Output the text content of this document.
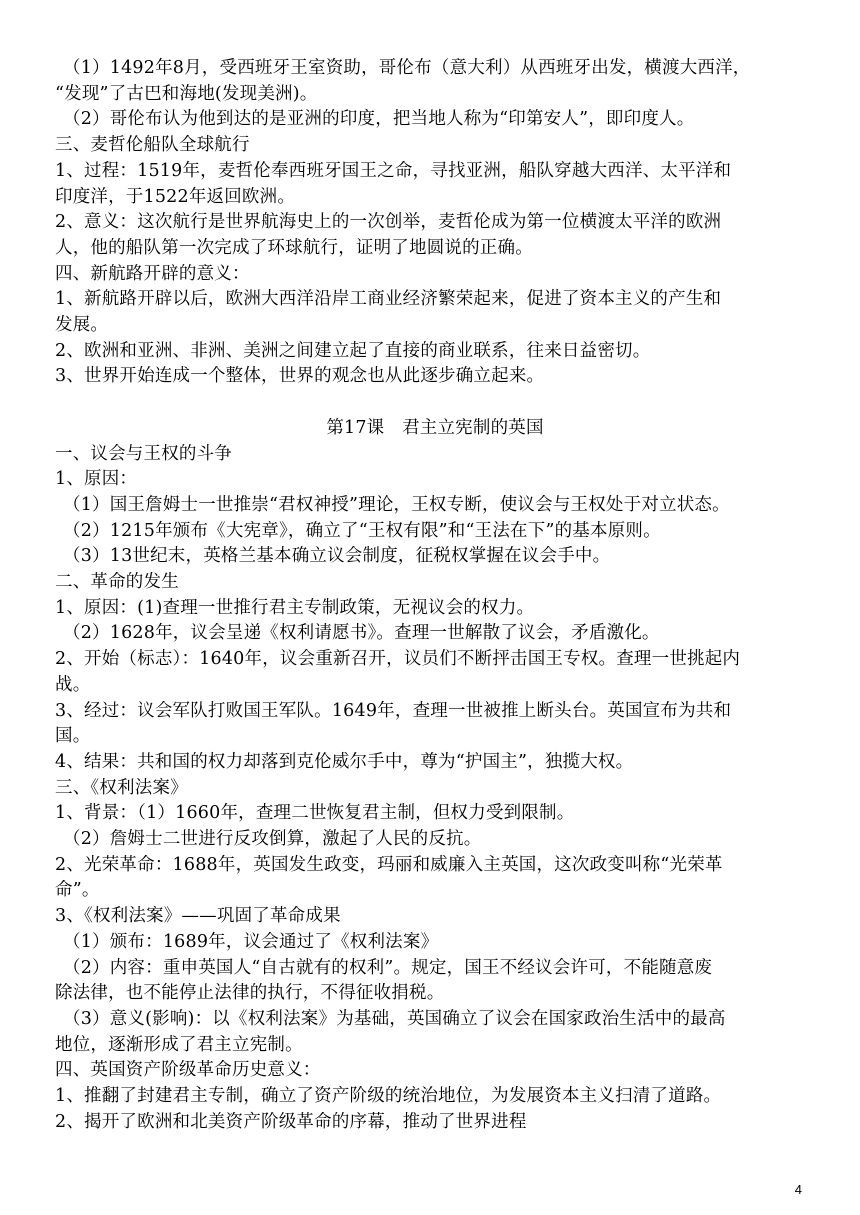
（1）1492年8月，受西班牙王室资助，哥伦布（意大利）从西班牙出发，横渡大西洋，
“发现”了古巴和海地(发现美洲)。
（2）哥伦布认为他到达的是亚洲的印度，把当地人称为“印第安人”，即印度人。
三、麦哲伦船队全球航行
1、过程：1519年，麦哲伦奉西班牙国王之命，寻找亚洲，船队穿越大西洋、太平洋和
印度洋，于1522年返回欧洲。
2、意义：这次航行是世界航海史上的一次创举，麦哲伦成为第一位横渡太平洋的欧洲
人，他的船队第一次完成了环球航行，证明了地圆说的正确。
四、新航路开辟的意义：
1、新航路开辟以后，欧洲大西洋沿岸工商业经济繁荣起来，促进了资本主义的产生和
发展。
2、欧洲和亚洲、非洲、美洲之间建立起了直接的商业联系，往来日益密切。
3、世界开始连成一个整体，世界的观念也从此逐步确立起来。
第17课　君主立宪制的英国
一、议会与王权的斗争
1、原因：
（1）国王詹姆士一世推崇“君权神授”理论，王权专断，使议会与王权处于对立状态。
（2）1215年颁布《大宪章》，确立了“王权有限”和“王法在下”的基本原则。
（3）13世纪末，英格兰基本确立议会制度，征税权掌握在议会手中。
二、革命的发生
1、原因：(1)查理一世推行君主专制政策，无视议会的权力。
（2）1628年，议会呈递《权利请愿书》。查理一世解散了议会，矛盾激化。
2、开始（标志）：1640年，议会重新召开，议员们不断抨击国王专权。查理一世挑起内
战。
3、经过：议会军队打败国王军队。1649年，查理一世被推上断头台。英国宣布为共和
国。
4、结果：共和国的权力却落到克伦威尔手中，尊为“护国主”，独揽大权。
三、《权利法案》
1、背景：（1）1660年，查理二世恢复君主制，但权力受到限制。
（2）詹姆士二世进行反攻倒算，激起了人民的反抗。
2、光荣革命：1688年，英国发生政变，玛丽和威廉入主英国，这次政变叫称“光荣革
命”。
3、《权利法案》——巩固了革命成果
（1）颁布：1689年，议会通过了《权利法案》
（2）内容：重申英国人“自古就有的权利”。规定，国王不经议会许可，不能随意废
除法律，也不能停止法律的执行，不得征收捐税。
（3）意义(影响)：以《权利法案》为基础，英国确立了议会在国家政治生活中的最高
地位，逐渐形成了君主立宪制。
四、英国资产阶级革命历史意义：
1、推翻了封建君主专制，确立了资产阶级的统治地位，为发展资本主义扫清了道路。
2、揭开了欧洲和北美资产阶级革命的序幕，推动了世界进程
4
